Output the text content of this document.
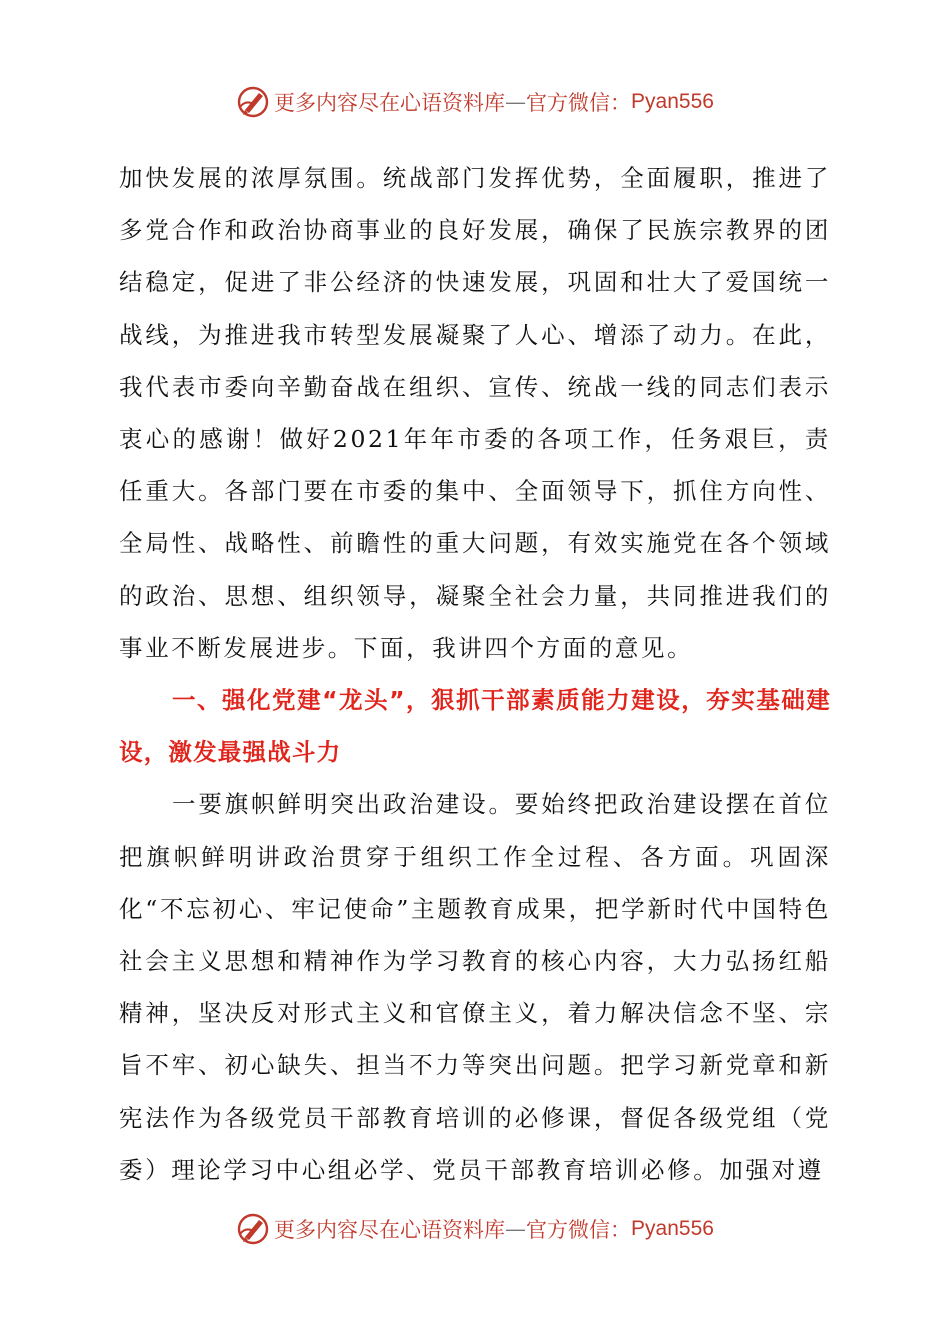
更多内容尽在心语资料库 — 官方微信： Pyan556

加快发展的浓厚氛围。统战部门发挥优势，全面履职，推进了多党合作和政治协商事业的良好发展，确保了民族宗教界的团结稳定，促进了非公经济的快速发展，巩固和壮大了爱国统一战线，为推进我市转型发展凝聚了人心、增添了动力。在此，我代表市委向辛勤奋战在组织、宣传、统战一线的同志们表示衷心的感谢！做好2021年年市委的各项工作，任务艰巨，责任重大。各部门要在市委的集中、全面领导下，抓住方向性、全局性、战略性、前瞻性的重大问题，有效实施党在各个领域的政治、思想、组织领导，凝聚全社会力量，共同推进我们的事业不断发展进步。下面，我讲四个方面的意见。

一、强化党建“龙头”，狠抓干部素质能力建设，夯实基础建设，激发最强战斗力

一要旗帜鲜明突出政治建设。要始终把政治建设摆在首位把旗帜鲜明讲政治贯穿于组织工作全过程、各方面。巩固深化“不忘初心、牢记使命”主题教育成果，把学新时代中国特色社会主义思想和精神作为学习教育的核心内容，大力弘扬红船精神，坚决反对形式主义和官僚主义，着力解决信念不坚、宗旨不牢、初心缺失、担当不力等突出问题。把学习新党章和新宪法作为各级党员干部教育培训的必修课，督促各级党组（党委）理论学习中心组必学、党员干部教育培训必修。加强对遵

更多内容尽在心语资料库 — 官方微信： Pyan556
